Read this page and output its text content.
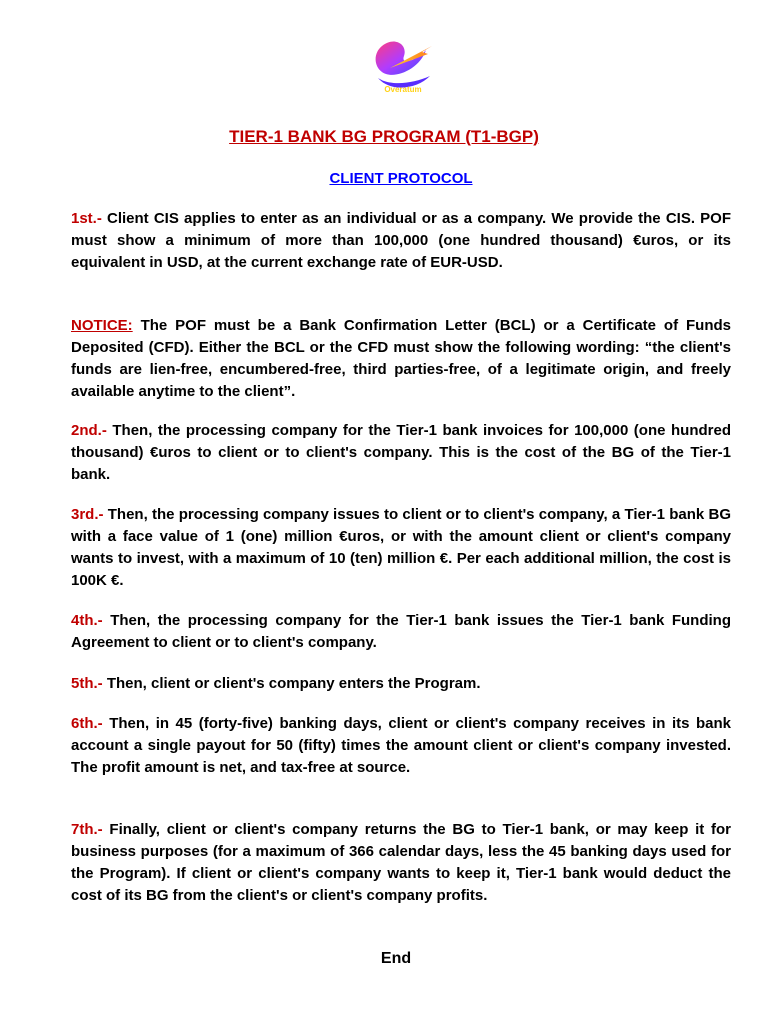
Overatum
TIER-1 BANK BG PROGRAM (T1-BGP)
CLIENT PROTOCOL
1st.- Client CIS applies to enter as an individual or as a company. We provide the CIS. POF must show a minimum of more than 100,000 (one hundred thousand) €uros, or its equivalent in USD, at the current exchange rate of EUR-USD.
NOTICE: The POF must be a Bank Confirmation Letter (BCL) or a Certificate of Funds Deposited (CFD). Either the BCL or the CFD must show the following wording: “the client's funds are lien-free, encumbered-free, third parties-free, of a legitimate origin, and freely available anytime to the client”.
2nd.- Then, the processing company for the Tier-1 bank invoices for 100,000 (one hundred thousand) €uros to client or to client's company. This is the cost of the BG of the Tier-1 bank.
3rd.- Then, the processing company issues to client or to client's company, a Tier-1 bank BG with a face value of 1 (one) million €uros, or with the amount client or client's company wants to invest, with a maximum of 10 (ten) million €. Per each additional million, the cost is 100K €.
4th.- Then, the processing company for the Tier-1 bank issues the Tier-1 bank Funding Agreement to client or to client's company.
5th.- Then, client or client's company enters the Program.
6th.- Then, in 45 (forty-five) banking days, client or client's company receives in its bank account a single payout for 50 (fifty) times the amount client or client's company invested. The profit amount is net, and tax-free at source.
7th.- Finally, client or client's company returns the BG to Tier-1 bank, or may keep it for business purposes (for a maximum of 366 calendar days, less the 45 banking days used for the Program). If client or client's company wants to keep it, Tier-1 bank would deduct the cost of its BG from the client's or client's company profits.
End
